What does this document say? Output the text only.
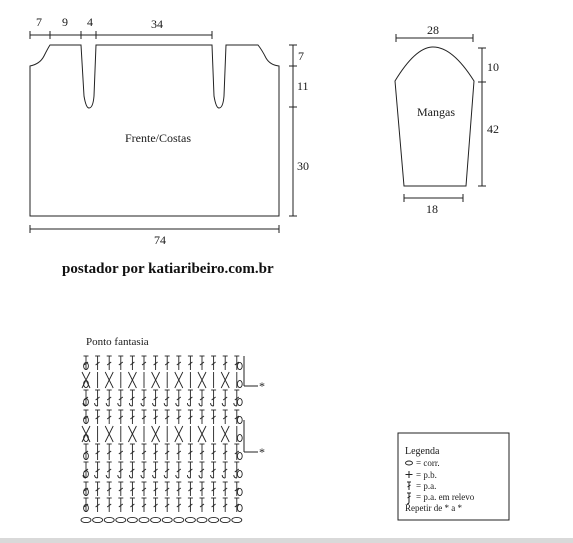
7 9 4	34
7
11
30
74
Frente/Costas
28
10
42
18
Mangas
postador por katiaribeiro.com.br
Ponto fantasia
*
*	Legenda
= corr.
= p.b.
= p.a.
= p.a. em relevo
Repetir de * a *
